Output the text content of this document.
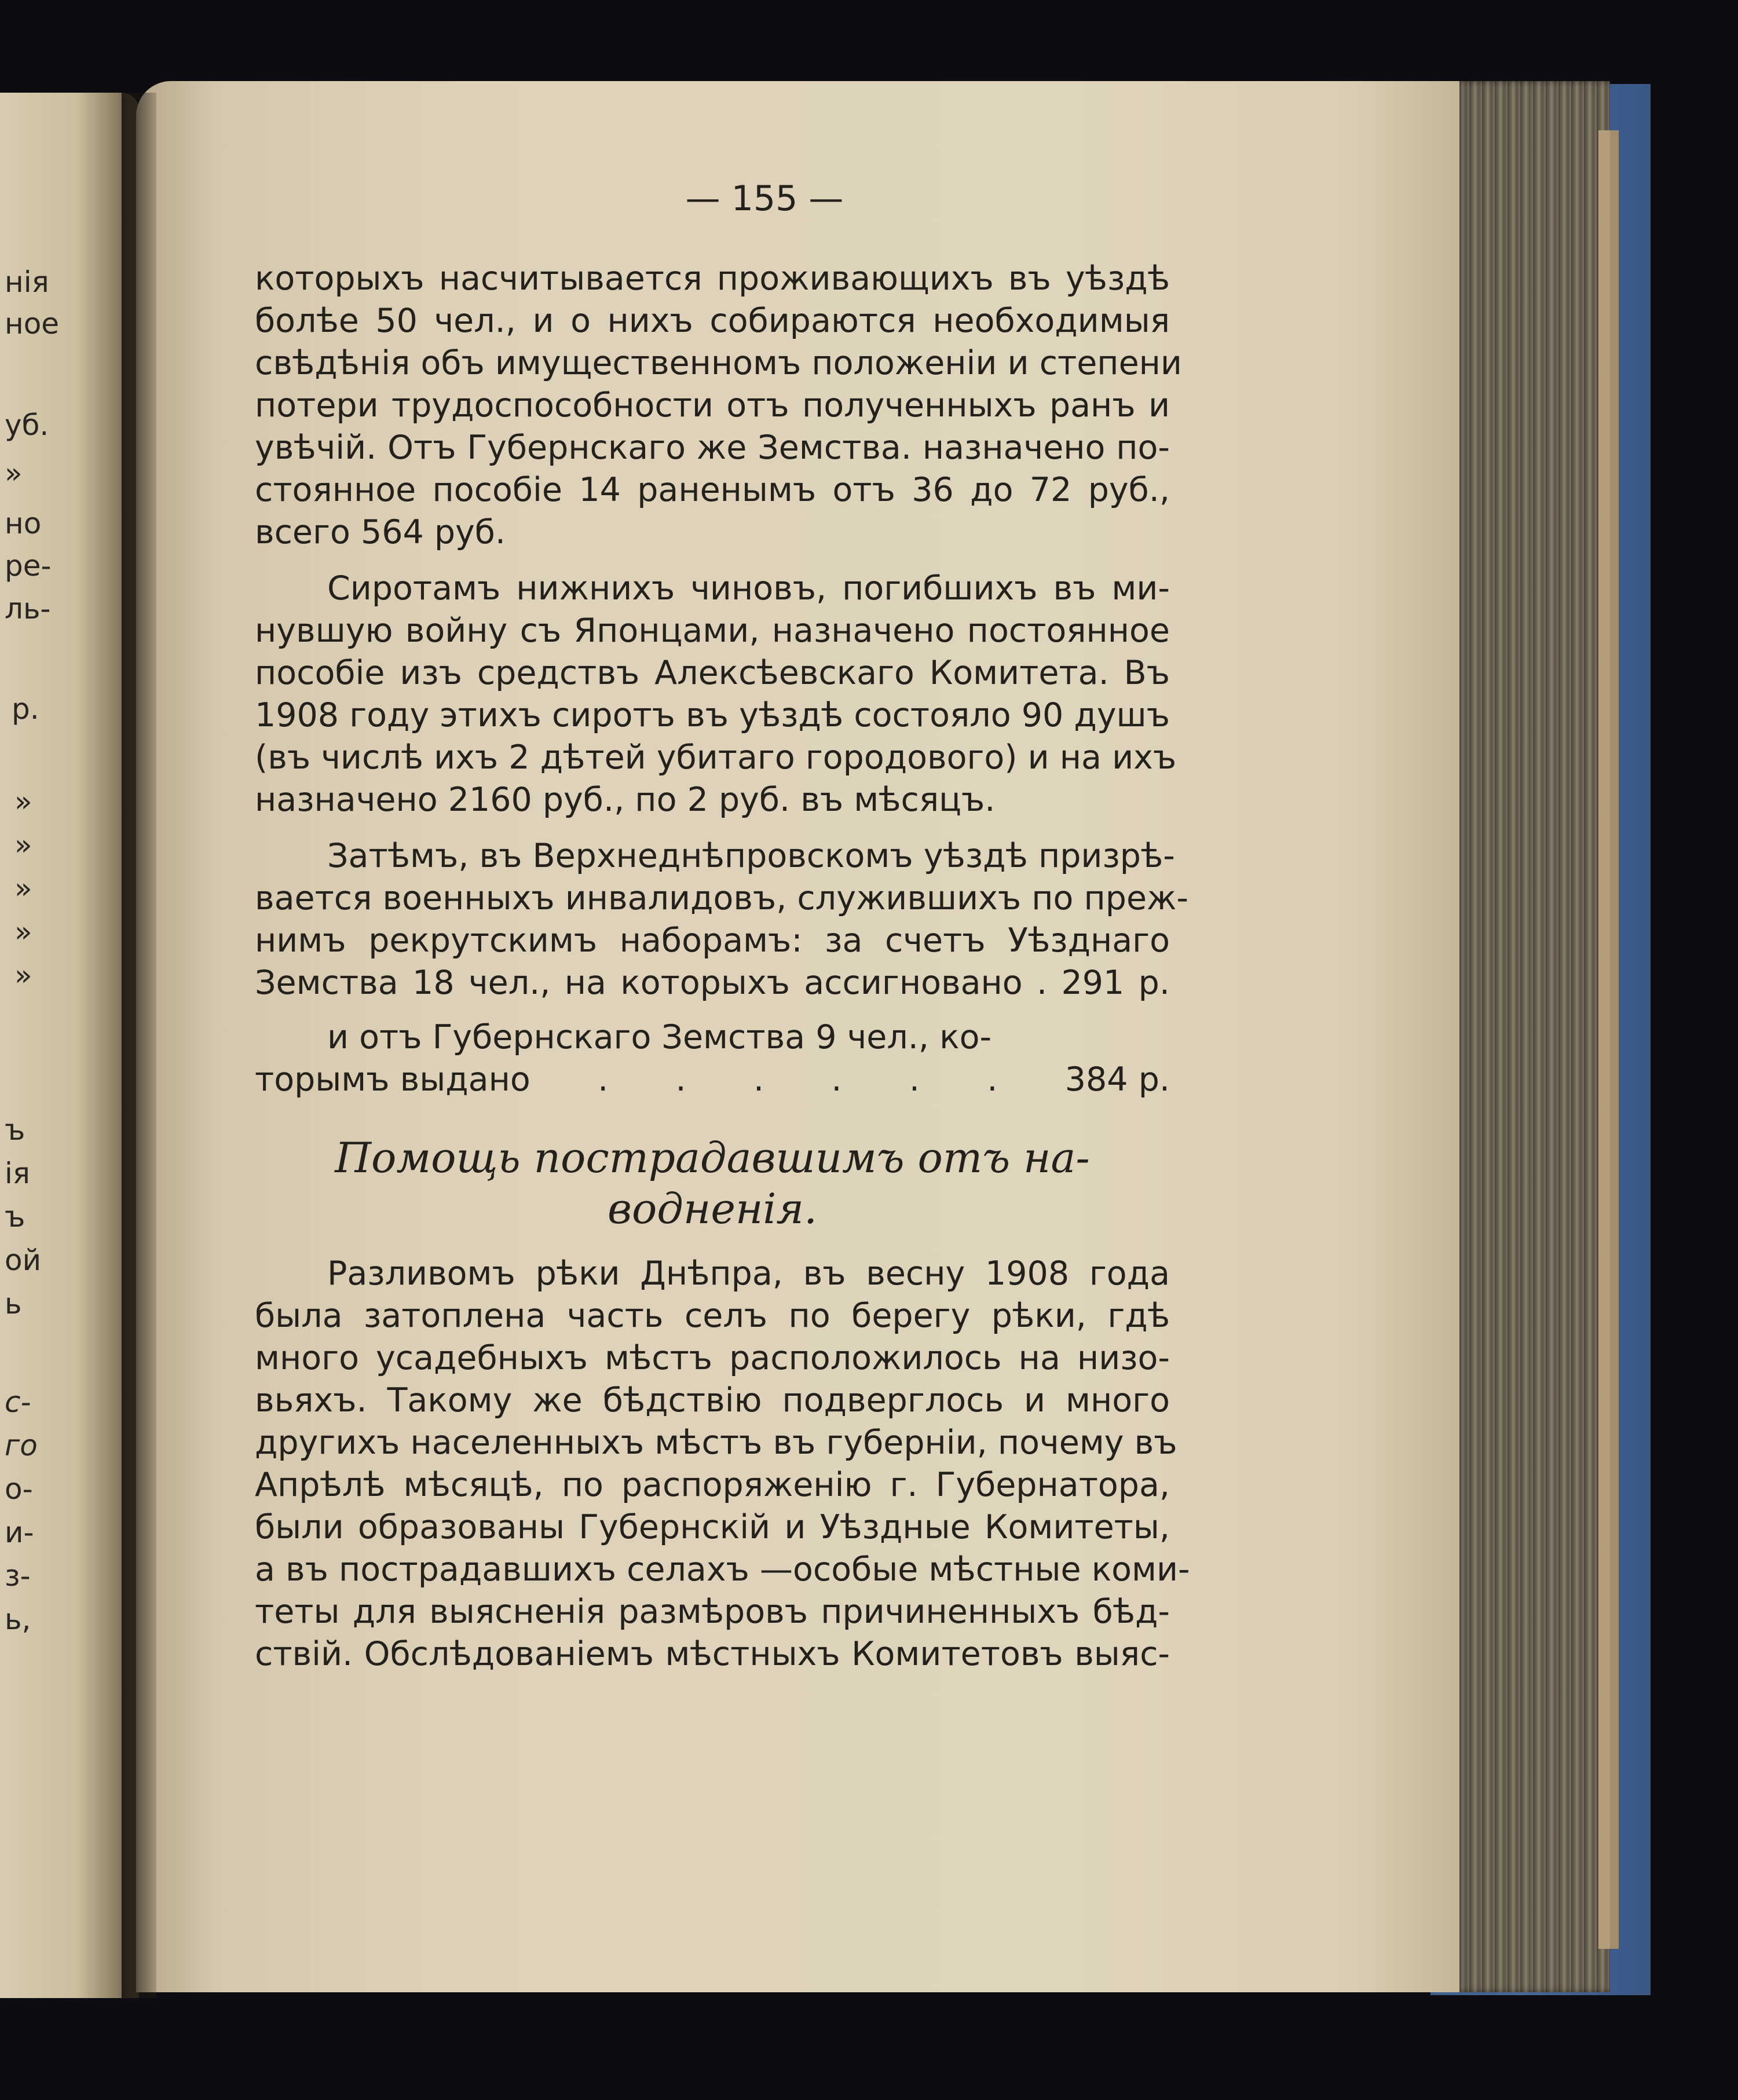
нія
ное
уб.
»
но
ре-
ль-
р.
»
»
»
»
»
ъ
ія
ъ
ой
ь
с-
го
о-
и-
з-
ь,
— 155 —
которыхъ насчитывается проживающихъ въ уѣздѣ
болѣе 50 чел., и о нихъ собираются необходимыя
свѣдѣнія объ имущественномъ положеніи и степени
потери трудоспособности отъ полученныхъ ранъ и
увѣчій. Отъ Губернскаго же Земства. назначено по-
стоянное пособіе 14 раненымъ отъ 36 до 72 руб.,
всего 564 руб.
Сиротамъ нижнихъ чиновъ, погибшихъ въ ми-
нувшую войну съ Японцами, назначено постоянное
пособіе изъ средствъ Алексѣевскаго Комитета. Въ
1908 году этихъ сиротъ въ уѣздѣ состояло 90 душъ
(въ числѣ ихъ 2 дѣтей убитаго городового) и на ихъ
назначено 2160 руб., по 2 руб. въ мѣсяцъ.
Затѣмъ, въ Верхнеднѣпровскомъ уѣздѣ призрѣ-
вается военныхъ инвалидовъ, служившихъ по преж-
нимъ рекрутскимъ наборамъ: за счетъ Уѣзднаго
Земства 18 чел., на которыхъ ассигновано . 291 р.
и отъ Губернскаго Земства 9 чел., ко-
торымъ выдано . . . . . . 384 р.
Помощь пострадавшимъ отъ на-
водненія.
Разливомъ рѣки Днѣпра, въ весну 1908 года
была затоплена часть селъ по берегу рѣки, гдѣ
много усадебныхъ мѣстъ расположилось на низо-
вьяхъ. Такому же бѣдствію подверглось и много
другихъ населенныхъ мѣстъ въ губерніи, почему въ
Апрѣлѣ мѣсяцѣ, по распоряженію г. Губернатора,
были образованы Губернскій и Уѣздные Комитеты,
а въ пострадавшихъ селахъ —особые мѣстные коми-
теты для выясненія размѣровъ причиненныхъ бѣд-
ствій. Обслѣдованіемъ мѣстныхъ Комитетовъ выяс-
